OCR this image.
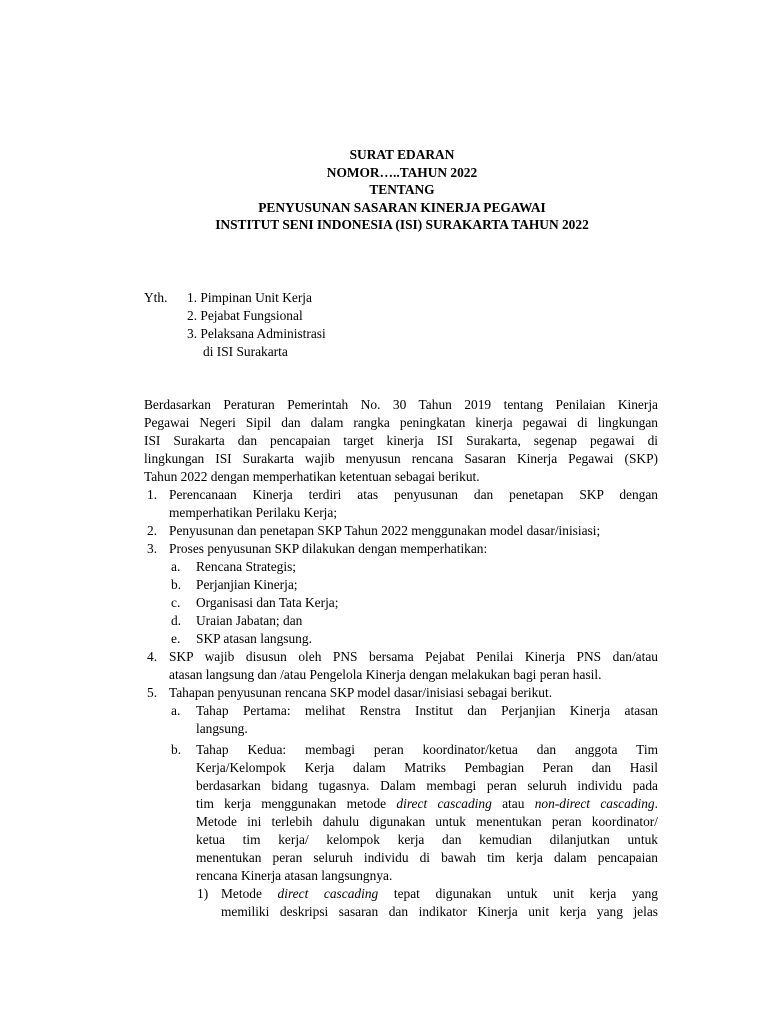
SURAT EDARAN
NOMOR…..TAHUN 2022
TENTANG
PENYUSUNAN SASARAN KINERJA PEGAWAI
INSTITUT SENI INDONESIA (ISI) SURAKARTA TAHUN 2022
Yth. 1. Pimpinan Unit Kerja
2. Pejabat Fungsional
3. Pelaksana Administrasi
di ISI Surakarta
Berdasarkan Peraturan Pemerintah No. 30 Tahun 2019 tentang Penilaian Kinerja
Pegawai Negeri Sipil dan dalam rangka peningkatan kinerja pegawai di lingkungan
ISI Surakarta dan pencapaian target kinerja ISI Surakarta, segenap pegawai di
lingkungan ISI Surakarta wajib menyusun rencana Sasaran Kinerja Pegawai (SKP)
Tahun 2022 dengan memperhatikan ketentuan sebagai berikut.
1. Perencanaan Kinerja terdiri atas penyusunan dan penetapan SKP dengan
memperhatikan Perilaku Kerja;
2. Penyusunan dan penetapan SKP Tahun 2022 menggunakan model dasar/inisiasi;
3. Proses penyusunan SKP dilakukan dengan memperhatikan:
a. Rencana Strategis;
b. Perjanjian Kinerja;
c. Organisasi dan Tata Kerja;
d. Uraian Jabatan; dan
e. SKP atasan langsung.
4. SKP wajib disusun oleh PNS bersama Pejabat Penilai Kinerja PNS dan/atau
atasan langsung dan /atau Pengelola Kinerja dengan melakukan bagi peran hasil.
5. Tahapan penyusunan rencana SKP model dasar/inisiasi sebagai berikut.
a. Tahap Pertama: melihat Renstra Institut dan Perjanjian Kinerja atasan
langsung.
b. Tahap Kedua: membagi peran koordinator/ketua dan anggota Tim
Kerja/Kelompok Kerja dalam Matriks Pembagian Peran dan Hasil
berdasarkan bidang tugasnya. Dalam membagi peran seluruh individu pada
tim kerja menggunakan metode direct cascading atau non-direct cascading.
Metode ini terlebih dahulu digunakan untuk menentukan peran koordinator/
ketua tim kerja/ kelompok kerja dan kemudian dilanjutkan untuk
menentukan peran seluruh individu di bawah tim kerja dalam pencapaian
rencana Kinerja atasan langsungnya.
1) Metode direct cascading tepat digunakan untuk unit kerja yang
memiliki deskripsi sasaran dan indikator Kinerja unit kerja yang jelas
